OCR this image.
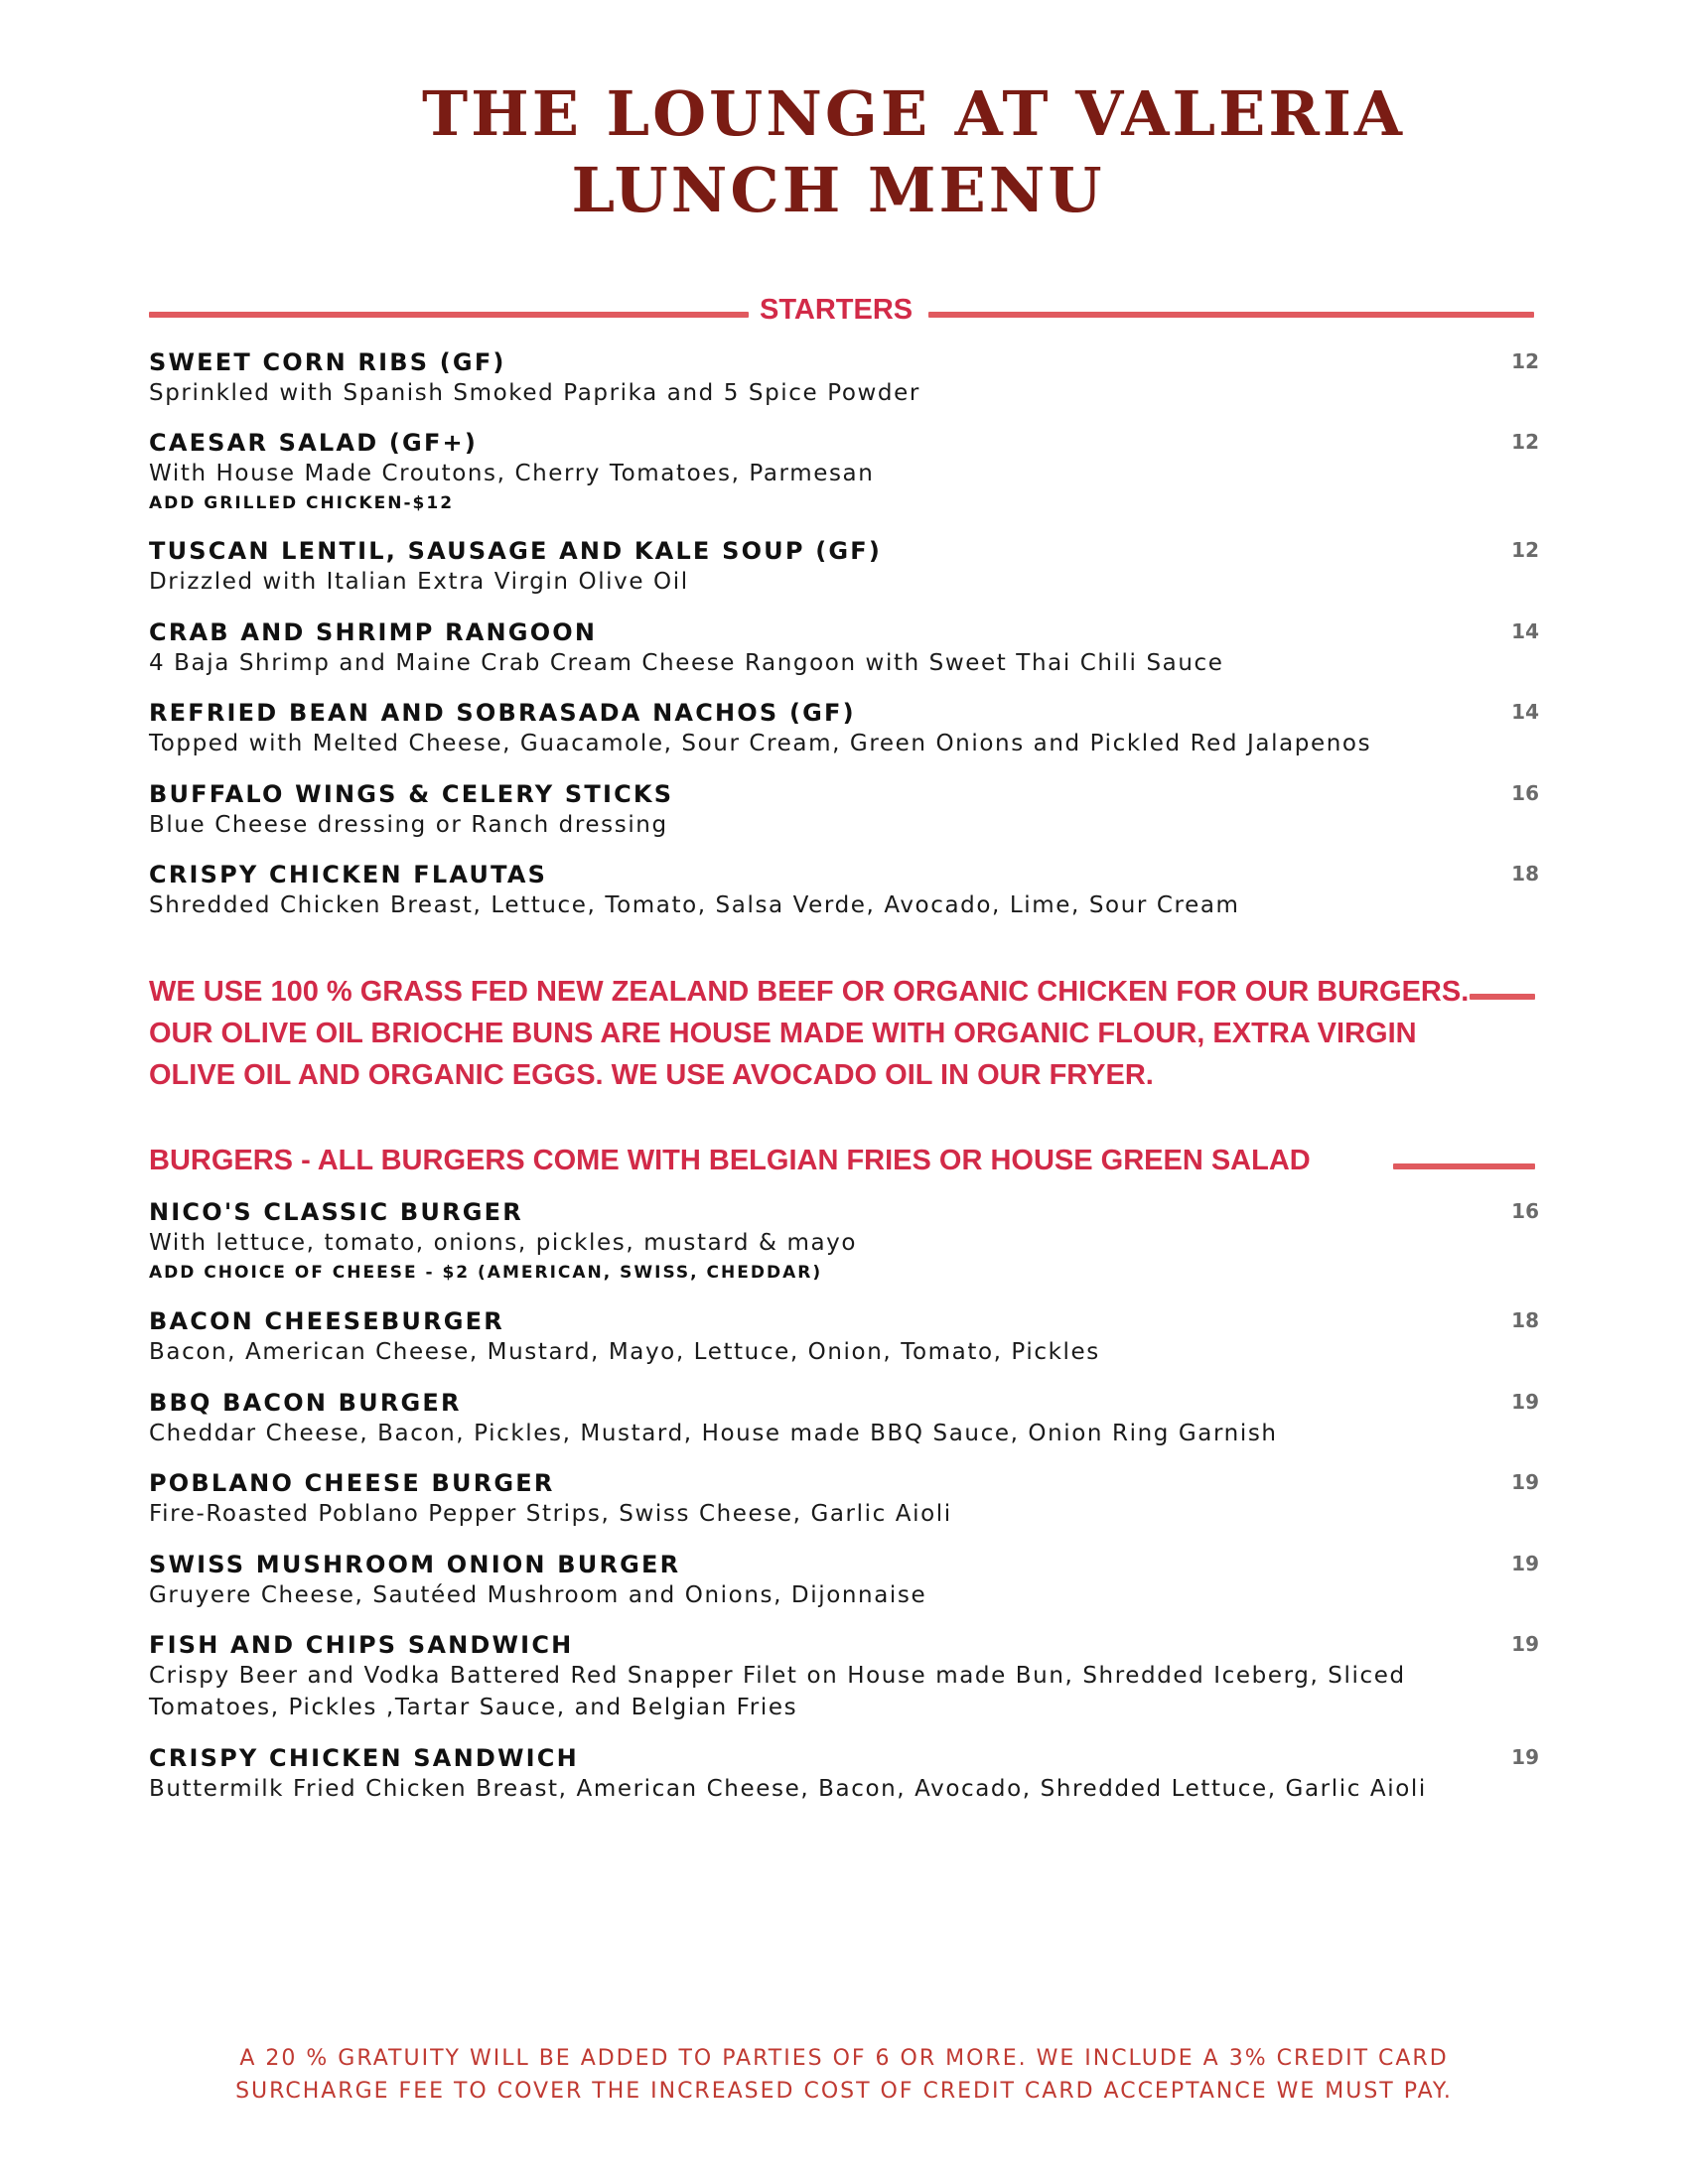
THE LOUNGE AT VALERIA
LUNCH MENU
STARTERS
SWEET CORN RIBS (GF)	12
Sprinkled with Spanish Smoked Paprika and 5 Spice Powder
CAESAR SALAD (GF+)	12
With House Made Croutons, Cherry Tomatoes, Parmesan
ADD GRILLED CHICKEN-$12
TUSCAN LENTIL, SAUSAGE AND KALE SOUP (GF)	12
Drizzled with Italian Extra Virgin Olive Oil
CRAB AND SHRIMP RANGOON	14
4 Baja Shrimp and Maine Crab Cream Cheese Rangoon with Sweet Thai Chili Sauce
REFRIED BEAN AND SOBRASADA NACHOS (GF)	14
Topped with Melted Cheese, Guacamole, Sour Cream, Green Onions and Pickled Red Jalapenos
BUFFALO WINGS & CELERY STICKS	16
Blue Cheese dressing or Ranch dressing
CRISPY CHICKEN FLAUTAS	18
Shredded Chicken Breast, Lettuce, Tomato, Salsa Verde, Avocado, Lime, Sour Cream
WE USE 100 % GRASS FED NEW ZEALAND BEEF OR ORGANIC CHICKEN FOR OUR BURGERS. OUR OLIVE OIL BRIOCHE BUNS ARE HOUSE MADE WITH ORGANIC FLOUR, EXTRA VIRGIN OLIVE OIL AND ORGANIC EGGS. WE USE AVOCADO OIL IN OUR FRYER.
BURGERS - ALL BURGERS COME WITH BELGIAN FRIES OR HOUSE GREEN SALAD
NICO'S CLASSIC BURGER	16
With lettuce, tomato, onions, pickles, mustard & mayo
ADD CHOICE OF CHEESE - $2 (AMERICAN, SWISS, CHEDDAR)
BACON CHEESEBURGER	18
Bacon, American Cheese, Mustard, Mayo, Lettuce, Onion, Tomato, Pickles
BBQ BACON BURGER	19
Cheddar Cheese, Bacon, Pickles, Mustard, House made BBQ Sauce, Onion Ring Garnish
POBLANO CHEESE BURGER	19
Fire-Roasted Poblano Pepper Strips, Swiss Cheese, Garlic Aioli
SWISS MUSHROOM ONION BURGER	19
Gruyere Cheese, Sautéed Mushroom and Onions, Dijonnaise
FISH AND CHIPS SANDWICH	19
Crispy Beer and Vodka Battered Red Snapper Filet on House made Bun, Shredded Iceberg, Sliced Tomatoes, Pickles ,Tartar Sauce, and Belgian Fries
CRISPY CHICKEN SANDWICH	19
Buttermilk Fried Chicken Breast, American Cheese, Bacon, Avocado, Shredded Lettuce, Garlic Aioli
A 20 % GRATUITY WILL BE ADDED TO PARTIES OF 6 OR MORE. WE INCLUDE A 3% CREDIT CARD
SURCHARGE FEE TO COVER THE INCREASED COST OF CREDIT CARD ACCEPTANCE WE MUST PAY.
